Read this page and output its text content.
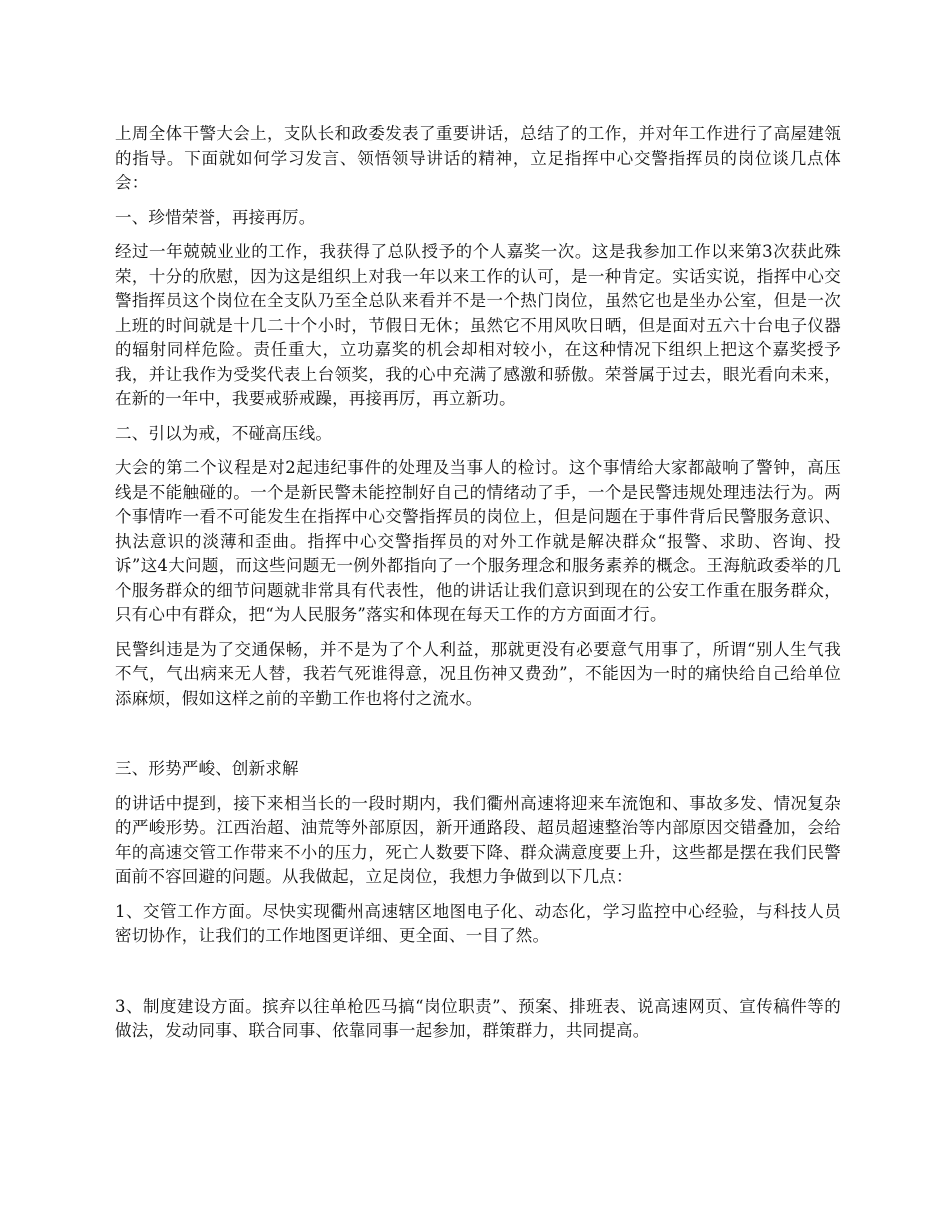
上周全体干警大会上，支队长和政委发表了重要讲话，总结了的工作，并对年工作进行了高屋建瓴的指导。下面就如何学习发言、领悟领导讲话的精神，立足指挥中心交警指挥员的岗位谈几点体会：

一、珍惜荣誉，再接再厉。

经过一年兢兢业业的工作，我获得了总队授予的个人嘉奖一次。这是我参加工作以来第3次获此殊荣，十分的欣慰，因为这是组织上对我一年以来工作的认可，是一种肯定。实话实说，指挥中心交警指挥员这个岗位在全支队乃至全总队来看并不是一个热门岗位，虽然它也是坐办公室，但是一次上班的时间就是十几二十个小时，节假日无休；虽然它不用风吹日晒，但是面对五六十台电子仪器的辐射同样危险。责任重大，立功嘉奖的机会却相对较小，在这种情况下组织上把这个嘉奖授予我，并让我作为受奖代表上台领奖，我的心中充满了感激和骄傲。荣誉属于过去，眼光看向未来，在新的一年中，我要戒骄戒躁，再接再厉，再立新功。

二、引以为戒，不碰高压线。

大会的第二个议程是对2起违纪事件的处理及当事人的检讨。这个事情给大家都敲响了警钟，高压线是不能触碰的。一个是新民警未能控制好自己的情绪动了手，一个是民警违规处理违法行为。两个事情咋一看不可能发生在指挥中心交警指挥员的岗位上，但是问题在于事件背后民警服务意识、执法意识的淡薄和歪曲。指挥中心交警指挥员的对外工作就是解决群众“报警、求助、咨询、投诉”这4大问题，而这些问题无一例外都指向了一个服务理念和服务素养的概念。王海航政委举的几个服务群众的细节问题就非常具有代表性，他的讲话让我们意识到现在的公安工作重在服务群众，只有心中有群众，把“为人民服务”落实和体现在每天工作的方方面面才行。

民警纠违是为了交通保畅，并不是为了个人利益，那就更没有必要意气用事了，所谓“别人生气我不气，气出病来无人替，我若气死谁得意，况且伤神又费劲”，不能因为一时的痛快给自己给单位添麻烦，假如这样之前的辛勤工作也将付之流水。

三、形势严峻、创新求解

的讲话中提到，接下来相当长的一段时期内，我们衢州高速将迎来车流饱和、事故多发、情况复杂的严峻形势。江西治超、油荒等外部原因，新开通路段、超员超速整治等内部原因交错叠加，会给年的高速交管工作带来不小的压力，死亡人数要下降、群众满意度要上升，这些都是摆在我们民警面前不容回避的问题。从我做起，立足岗位，我想力争做到以下几点：

1、交管工作方面。尽快实现衢州高速辖区地图电子化、动态化，学习监控中心经验，与科技人员密切协作，让我们的工作地图更详细、更全面、一目了然。

3、制度建设方面。摈弃以往单枪匹马搞“岗位职责”、预案、排班表、说高速网页、宣传稿件等的做法，发动同事、联合同事、依靠同事一起参加，群策群力，共同提高。
